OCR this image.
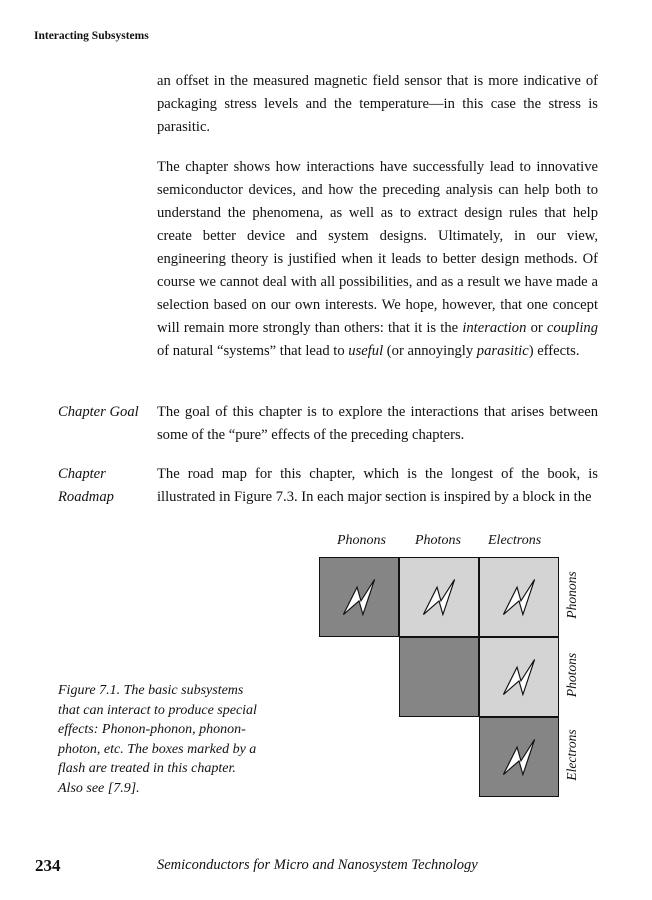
Interacting Subsystems

an offset in the measured magnetic field sensor that is more indicative of packaging stress levels and the temperature—in this case the stress is parasitic.

The chapter shows how interactions have successfully lead to innovative semiconductor devices, and how the preceding analysis can help both to understand the phenomena, as well as to extract design rules that help create better device and system designs. Ultimately, in our view, engineering theory is justified when it leads to better design methods. Of course we cannot deal with all possibilities, and as a result we have made a selection based on our own interests. We hope, however, that one concept will remain more strongly than others: that it is the interaction or coupling of natural “systems” that lead to useful (or annoyingly parasitic) effects.

Chapter Goal	The goal of this chapter is to explore the interactions that arises between some of the “pure” effects of the preceding chapters.

Chapter
Roadmap

The road map for this chapter, which is the longest of the book, is illustrated in Figure 7.3. In each major section is inspired by a block in the

Phonons Photons Electrons
Phonons
Photons
Electrons
Figure 7.1. The basic subsystems that can interact to produce special effects: Phonon-phonon, phonon-photon, etc. The boxes marked by a flash are treated in this chapter. Also see [7.9].
234	Semiconductors for Micro and Nanosystem Technology
